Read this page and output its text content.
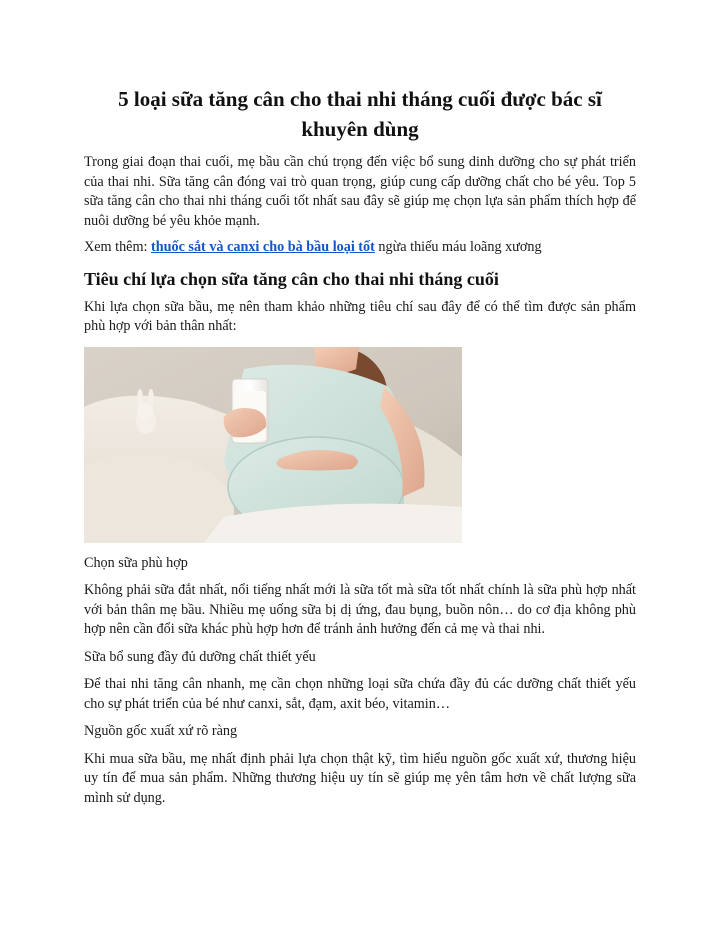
5 loại sữa tăng cân cho thai nhi tháng cuối được bác sĩ khuyên dùng

Trong giai đoạn thai cuối, mẹ bầu cần chú trọng đến việc bổ sung dinh dưỡng cho sự phát triển của thai nhi. Sữa tăng cân đóng vai trò quan trọng, giúp cung cấp dưỡng chất cho bé yêu. Top 5 sữa tăng cân cho thai nhi tháng cuối tốt nhất sau đây sẽ giúp mẹ chọn lựa sản phẩm thích hợp để nuôi dưỡng bé yêu khỏe mạnh.

Xem thêm: thuốc sắt và canxi cho bà bầu loại tốt ngừa thiếu máu loãng xương

Tiêu chí lựa chọn sữa tăng cân cho thai nhi tháng cuối

Khi lựa chọn sữa bầu, mẹ nên tham khảo những tiêu chí sau đây để có thể tìm được sản phẩm phù hợp với bản thân nhất:

Chọn sữa phù hợp

Không phải sữa đắt nhất, nổi tiếng nhất mới là sữa tốt mà sữa tốt nhất chính là sữa phù hợp nhất với bản thân mẹ bầu. Nhiều mẹ uống sữa bị dị ứng, đau bụng, buồn nôn… do cơ địa không phù hợp nên cần đổi sữa khác phù hợp hơn để tránh ảnh hưởng đến cả mẹ và thai nhi.

Sữa bổ sung đầy đủ dưỡng chất thiết yếu

Để thai nhi tăng cân nhanh, mẹ cần chọn những loại sữa chứa đầy đủ các dưỡng chất thiết yếu cho sự phát triển của bé như canxi, sắt, đạm, axit béo, vitamin…

Nguồn gốc xuất xứ rõ ràng

Khi mua sữa bầu, mẹ nhất định phải lựa chọn thật kỹ, tìm hiểu nguồn gốc xuất xứ, thương hiệu uy tín để mua sản phẩm. Những thương hiệu uy tín sẽ giúp mẹ yên tâm hơn về chất lượng sữa mình sử dụng.
